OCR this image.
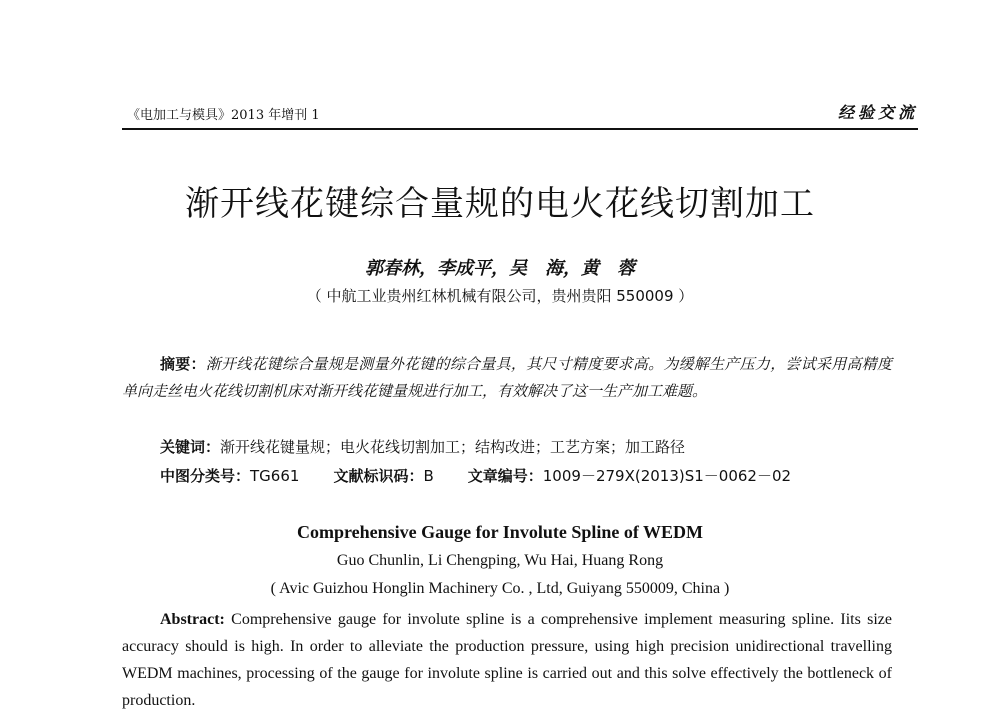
《电加工与模具》2013 年增刊 1	经验交流
渐开线花键综合量规的电火花线切割加工
郭春林，李成平，吴　海，黄　蓉
（ 中航工业贵州红林机械有限公司，贵州贵阳 550009 ）
摘要：渐开线花键综合量规是测量外花键的综合量具，其尺寸精度要求高。为缓解生产压力，尝试采用高精度单向走丝电火花线切割机床对渐开线花键量规进行加工，有效解决了这一生产加工难题。
关键词：渐开线花键量规；电火花线切割加工；结构改进；工艺方案；加工路径
中图分类号：TG661 文献标识码：B 文章编号：1009－279X(2013)S1－0062－02
Comprehensive Gauge for Involute Spline of WEDM
Guo Chunlin, Li Chengping, Wu Hai, Huang Rong
( Avic Guizhou Honglin Machinery Co. , Ltd, Guiyang 550009, China )
Abstract: Comprehensive gauge for involute spline is a comprehensive implement measuring spline. Iits size accuracy should is high. In order to alleviate the production pressure, using high precision unidirectional travelling WEDM machines, processing of the gauge for involute spline is carried out and this solve effectively the bottleneck of production.
